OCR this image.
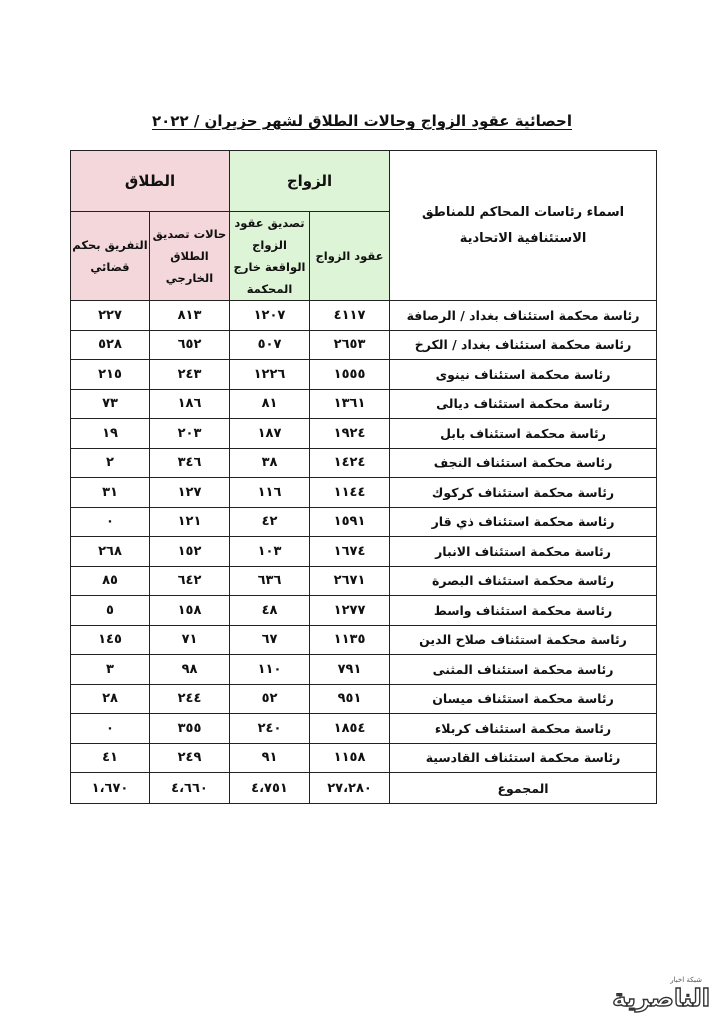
احصائية عقود الزواج وحالات الطلاق لشهر حزيران / ٢٠٢٢
اسماء رئاسات المحاكم للمناطق الاستئنافية الاتحادية	الزواج		الطلاق	
	عقود الزواج	تصديق عقود الزواج الواقعة خارج المحكمة	حالات تصديق الطلاق الخارجي	التفريق بحكم قضائي
رئاسة محكمة استئناف بغداد / الرصافة	٤١١٧	١٢٠٧	٨١٣	٢٢٧
رئاسة محكمة استئناف بغداد / الكرخ	٢٦٥٣	٥٠٧	٦٥٢	٥٢٨
رئاسة محكمة استئناف نينوى	١٥٥٥	١٢٢٦	٢٤٣	٢١٥
رئاسة محكمة استئناف ديالى	١٣٦١	٨١	١٨٦	٧٣
رئاسة محكمة استئناف بابل	١٩٢٤	١٨٧	٢٠٣	١٩
رئاسة محكمة استئناف النجف	١٤٢٤	٣٨	٣٤٦	٢
رئاسة محكمة استئناف كركوك	١١٤٤	١١٦	١٢٧	٣١
رئاسة محكمة استئناف ذي قار	١٥٩١	٤٢	١٢١	٠
رئاسة محكمة استئناف الانبار	١٦٧٤	١٠٣	١٥٢	٢٦٨
رئاسة محكمة استئناف البصرة	٢٦٧١	٦٣٦	٦٤٢	٨٥
رئاسة محكمة استئناف واسط	١٢٧٧	٤٨	١٥٨	٥
رئاسة محكمة استئناف صلاح الدين	١١٣٥	٦٧	٧١	١٤٥
رئاسة محكمة استئناف المثنى	٧٩١	١١٠	٩٨	٣
رئاسة محكمة استئناف ميسان	٩٥١	٥٢	٢٤٤	٢٨
رئاسة محكمة استئناف كربلاء	١٨٥٤	٢٤٠	٣٥٥	٠
رئاسة محكمة استئناف القادسية	١١٥٨	٩١	٢٤٩	٤١
المجموع	٢٧،٢٨٠	٤،٧٥١	٤،٦٦٠	١،٦٧٠
شبكة اخبار
الناصرية
